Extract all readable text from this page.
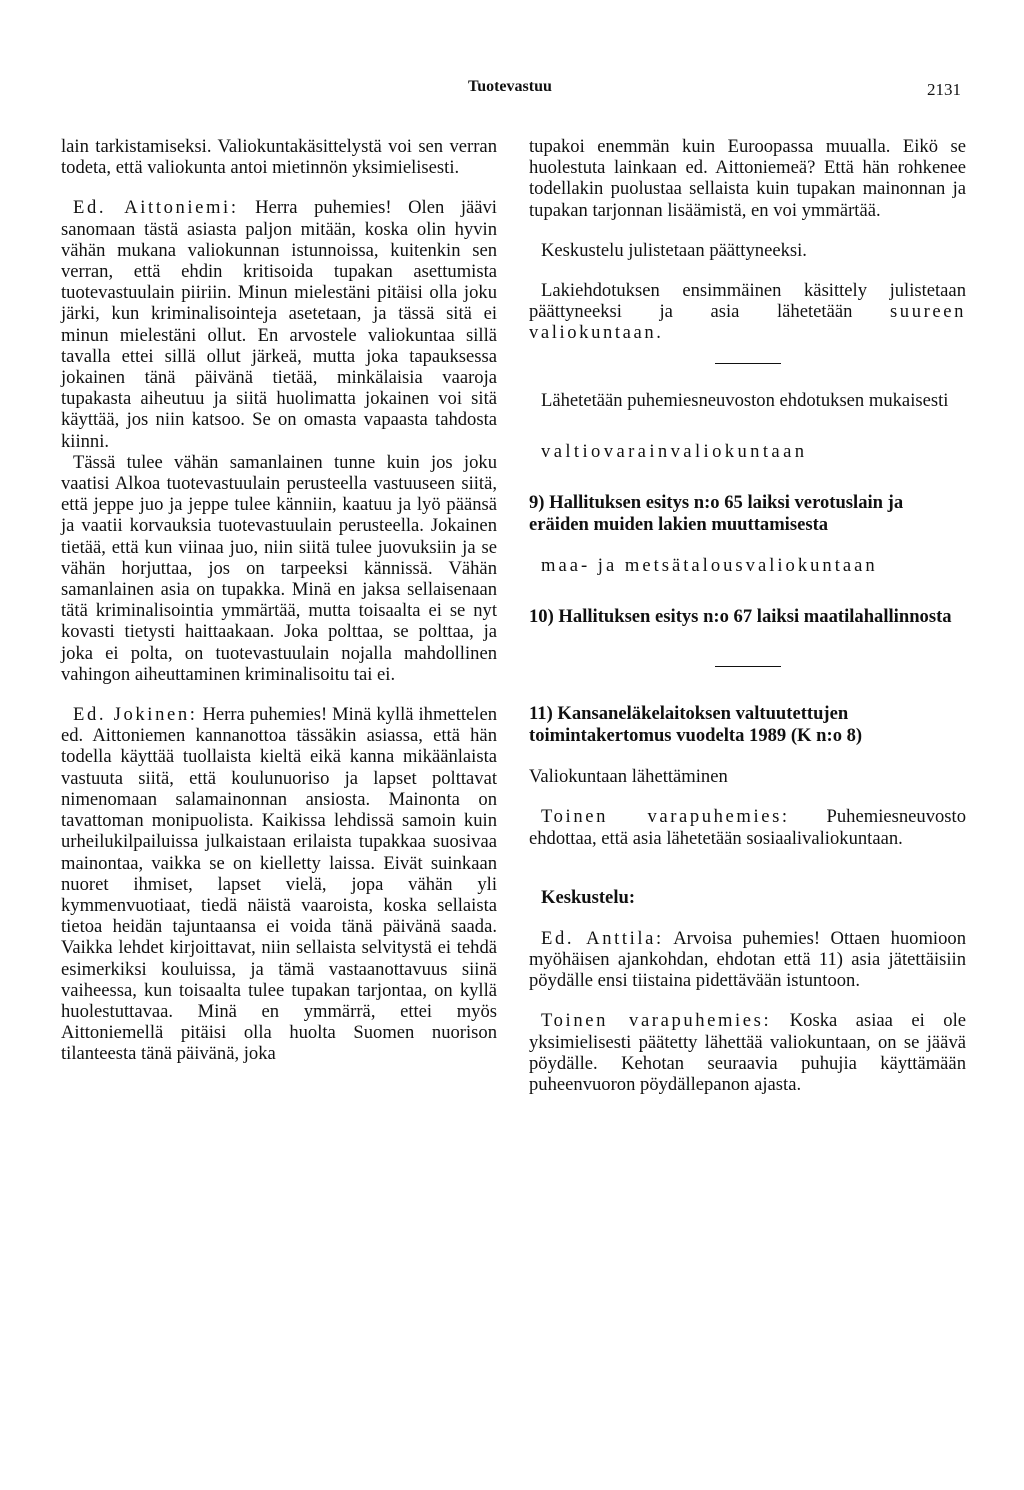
Tuotevastuu	2131

lain tarkistamiseksi. Valiokuntakäsittelystä voi sen verran todeta, että valiokunta antoi mietinnön yksimielisesti.

Ed. Aittoniemi: Herra puhemies! Olen jäävi sanomaan tästä asiasta paljon mitään, koska olin hyvin vähän mukana valiokunnan istunnoissa, kuitenkin sen verran, että ehdin kritisoida tupakan asettumista tuotevastuulain piiriin. Minun mielestäni pitäisi olla joku järki, kun kriminalisointeja asetetaan, ja tässä sitä ei minun mielestäni ollut. En arvostele valiokuntaa sillä tavalla ettei sillä ollut järkeä, mutta joka tapauksessa jokainen tänä päivänä tietää, minkälaisia vaaroja tupakasta aiheutuu ja siitä huolimatta jokainen voi sitä käyttää, jos niin katsoo. Se on omasta vapaasta tahdosta kiinni.

Tässä tulee vähän samanlainen tunne kuin jos joku vaatisi Alkoa tuotevastuulain perusteella vastuuseen siitä, että jeppe juo ja jeppe tulee känniin, kaatuu ja lyö päänsä ja vaatii korvauksia tuotevastuulain perusteella. Jokainen tietää, että kun viinaa juo, niin siitä tulee juovuksiin ja se vähän horjuttaa, jos on tarpeeksi kännissä. Vähän samanlainen asia on tupakka. Minä en jaksa sellaisenaan tätä kriminalisointia ymmärtää, mutta toisaalta ei se nyt kovasti tietysti haittaakaan. Joka polttaa, se polttaa, ja joka ei polta, on tuotevastuulain nojalla mahdollinen vahingon aiheuttaminen kriminalisoitu tai ei.

Ed. Jokinen: Herra puhemies! Minä kyllä ihmettelen ed. Aittoniemen kannanottoa tässäkin asiassa, että hän todella käyttää tuollaista kieltä eikä kanna mikäänlaista vastuuta siitä, että koulunuoriso ja lapset polttavat nimenomaan salamainonnan ansiosta. Mainonta on tavattoman monipuolista. Kaikissa lehdissä samoin kuin urheilukilpailuissa julkaistaan erilaista tupakkaa suosivaa mainontaa, vaikka se on kielletty laissa. Eivät suinkaan nuoret ihmiset, lapset vielä, jopa vähän yli kymmenvuotiaat, tiedä näistä vaaroista, koska sellaista tietoa heidän tajuntaansa ei voida tänä päivänä saada. Vaikka lehdet kirjoittavat, niin sellaista selvitystä ei tehdä esimerkiksi kouluissa, ja tämä vastaanottavuus siinä vaiheessa, kun toisaalta tulee tupakan tarjontaa, on kyllä huolestuttavaa. Minä en ymmärrä, ettei myös Aittoniemellä pitäisi olla huolta Suomen nuorison tilanteesta tänä päivänä, joka

tupakoi enemmän kuin Euroopassa muualla. Eikö se huolestuta lainkaan ed. Aittoniemeä? Että hän rohkenee todellakin puolustaa sellaista kuin tupakan mainonnan ja tupakan tarjonnan lisäämistä, en voi ymmärtää.

Keskustelu julistetaan päättyneeksi.

Lakiehdotuksen ensimmäinen käsittely julistetaan päättyneeksi ja asia lähetetään suureen valiokuntaan.

Lähetetään puhemiesneuvoston ehdotuksen mukaisesti

valtiovarainvaliokuntaan

9) Hallituksen esitys n:o 65 laiksi verotuslain ja eräiden muiden lakien muuttamisesta

maa- ja metsätalousvaliokuntaan

10) Hallituksen esitys n:o 67 laiksi maatilahallinnosta

11) Kansaneläkelaitoksen valtuutettujen toimintakertomus vuodelta 1989 (K n:o 8)

Valiokuntaan lähettäminen

Toinen varapuhemies: Puhemiesneuvosto ehdottaa, että asia lähetetään sosiaalivaliokuntaan.

Keskustelu:

Ed. Anttila: Arvoisa puhemies! Ottaen huomioon myöhäisen ajankohdan, ehdotan että 11) asia jätettäisiin pöydälle ensi tiistaina pidettävään istuntoon.

Toinen varapuhemies: Koska asiaa ei ole yksimielisesti päätetty lähettää valiokuntaan, on se jäävä pöydälle. Kehotan seuraavia puhujia käyttämään puheenvuoron pöydällepanon ajasta.
